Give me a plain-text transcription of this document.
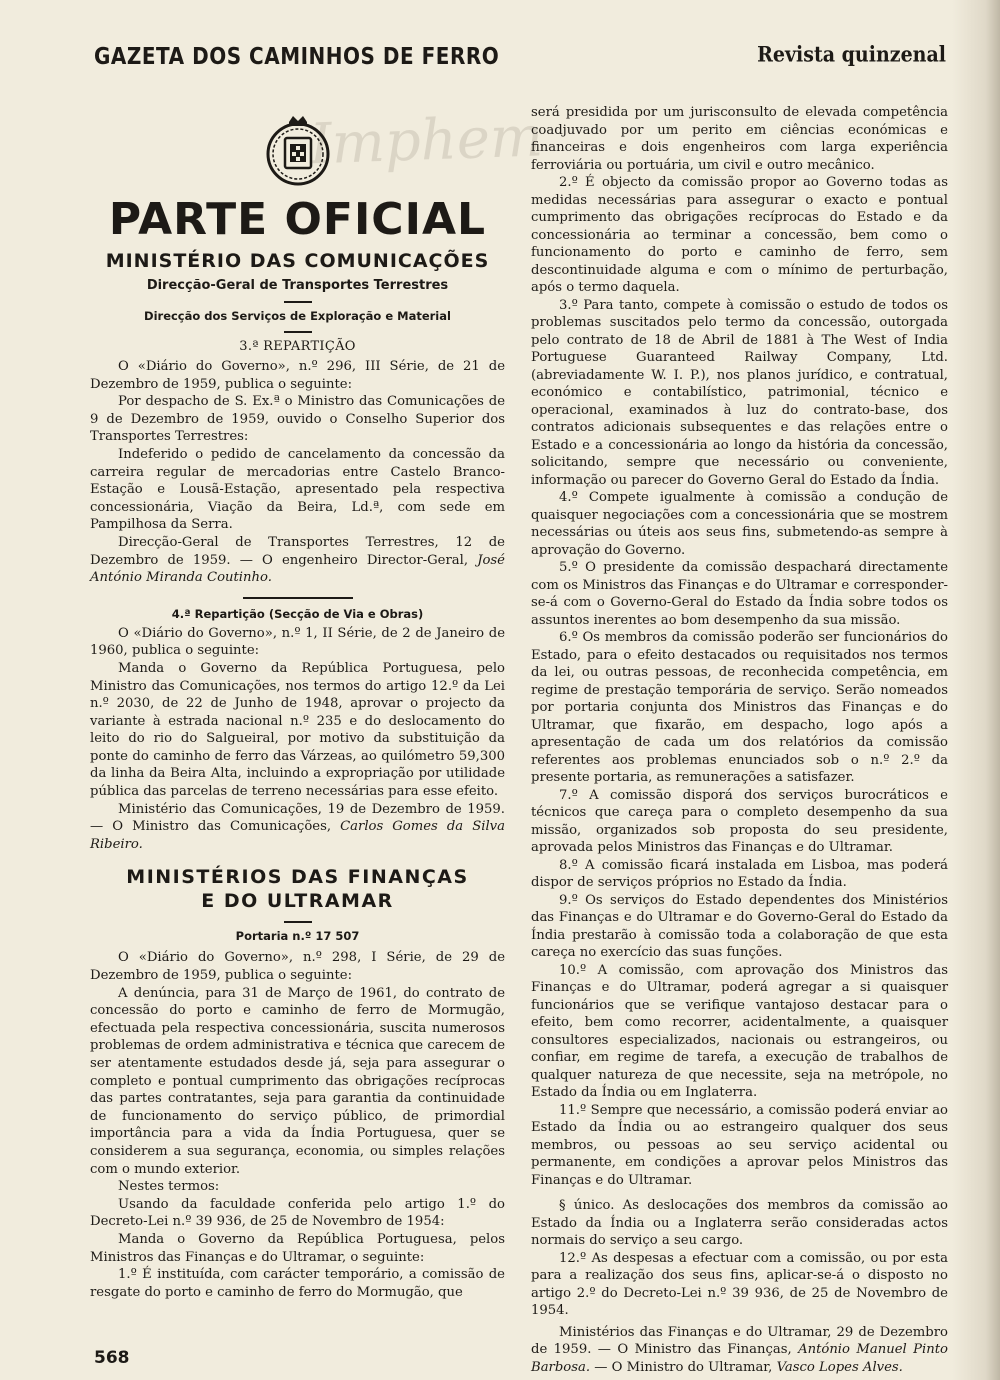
Imphem
GAZETA DOS CAMINHOS DE FERRO	Revista quinzenal
PARTE OFICIAL
MINISTÉRIO DAS COMUNICAÇÕES
Direcção-Geral de Transportes Terrestres
Direcção dos Serviços de Exploração e Material
3.ª REPARTIÇÃO

O «Diário do Governo», n.º 296, III Série, de 21 de Dezembro de 1959, publica o seguinte:

Por despacho de S. Ex.ª o Ministro das Comunicações de 9 de Dezembro de 1959, ouvido o Conselho Superior dos Transportes Terrestres:

Indeferido o pedido de cancelamento da concessão da carreira regular de mercadorias entre Castelo Branco-Estação e Lousã-Estação, apresentado pela respectiva concessionária, Viação da Beira, Ld.ª, com sede em Pampilhosa da Serra.

Direcção-Geral de Transportes Terrestres, 12 de Dezembro de 1959. — O engenheiro Director-Geral, José António Miranda Coutinho.

4.ª Repartição (Secção de Via e Obras)

O «Diário do Governo», n.º 1, II Série, de 2 de Janeiro de 1960, publica o seguinte:

Manda o Governo da República Portuguesa, pelo Ministro das Comunicações, nos termos do artigo 12.º da Lei n.º 2030, de 22 de Junho de 1948, aprovar o projecto da variante à estrada nacional n.º 235 e do deslocamento do leito do rio do Salgueiral, por motivo da substituição da ponte do caminho de ferro das Várzeas, ao quilómetro 59,300 da linha da Beira Alta, incluindo a expropriação por utilidade pública das parcelas de terreno necessárias para esse efeito.

Ministério das Comunicações, 19 de Dezembro de 1959. — O Ministro das Comunicações, Carlos Gomes da Silva Ribeiro.

MINISTÉRIOS DAS FINANÇAS
E DO ULTRAMAR
Portaria n.º 17 507

O «Diário do Governo», n.º 298, I Série, de 29 de Dezembro de 1959, publica o seguinte:

A denúncia, para 31 de Março de 1961, do contrato de concessão do porto e caminho de ferro de Mormugão, efectuada pela respectiva concessionária, suscita numerosos problemas de ordem administrativa e técnica que carecem de ser atentamente estudados desde já, seja para assegurar o completo e pontual cumprimento das obrigações recíprocas das partes contratantes, seja para garantia da continuidade de funcionamento do serviço público, de primordial importância para a vida da Índia Portuguesa, quer se considerem a sua segurança, economia, ou simples relações com o mundo exterior.

Nestes termos:

Usando da faculdade conferida pelo artigo 1.º do Decreto-Lei n.º 39 936, de 25 de Novembro de 1954:

Manda o Governo da República Portuguesa, pelos Ministros das Finanças e do Ultramar, o seguinte:

1.º É instituída, com carácter temporário, a comissão de resgate do porto e caminho de ferro do Mormugão, que

será presidida por um jurisconsulto de elevada competência coadjuvado por um perito em ciências económicas e financeiras e dois engenheiros com larga experiência ferroviária ou portuária, um civil e outro mecânico.

2.º É objecto da comissão propor ao Governo todas as medidas necessárias para assegurar o exacto e pontual cumprimento das obrigações recíprocas do Estado e da concessionária ao terminar a concessão, bem como o funcionamento do porto e caminho de ferro, sem descontinuidade alguma e com o mínimo de perturbação, após o termo daquela.

3.º Para tanto, compete à comissão o estudo de todos os problemas suscitados pelo termo da concessão, outorgada pelo contrato de 18 de Abril de 1881 à The West of India Portuguese Guaranteed Railway Company, Ltd. (abreviadamente W. I. P.), nos planos jurídico, e contratual, económico e contabilístico, patrimonial, técnico e operacional, examinados à luz do contrato-base, dos contratos adicionais subsequentes e das relações entre o Estado e a concessionária ao longo da história da concessão, solicitando, sempre que necessário ou conveniente, informação ou parecer do Governo Geral do Estado da Índia.

4.º Compete igualmente à comissão a condução de quaisquer negociações com a concessionária que se mostrem necessárias ou úteis aos seus fins, submetendo-as sempre à aprovação do Governo.

5.º O presidente da comissão despachará directamente com os Ministros das Finanças e do Ultramar e corresponder-se-á com o Governo-Geral do Estado da Índia sobre todos os assuntos inerentes ao bom desempenho da sua missão.

6.º Os membros da comissão poderão ser funcionários do Estado, para o efeito destacados ou requisitados nos termos da lei, ou outras pessoas, de reconhecida competência, em regime de prestação temporária de serviço. Serão nomeados por portaria conjunta dos Ministros das Finanças e do Ultramar, que fixarão, em despacho, logo após a apresentação de cada um dos relatórios da comissão referentes aos problemas enunciados sob o n.º 2.º da presente portaria, as remunerações a satisfazer.

7.º A comissão disporá dos serviços burocráticos e técnicos que careça para o completo desempenho da sua missão, organizados sob proposta do seu presidente, aprovada pelos Ministros das Finanças e do Ultramar.

8.º A comissão ficará instalada em Lisboa, mas poderá dispor de serviços próprios no Estado da Índia.

9.º Os serviços do Estado dependentes dos Ministérios das Finanças e do Ultramar e do Governo-Geral do Estado da Índia prestarão à comissão toda a colaboração de que esta careça no exercício das suas funções.

10.º A comissão, com aprovação dos Ministros das Finanças e do Ultramar, poderá agregar a si quaisquer funcionários que se verifique vantajoso destacar para o efeito, bem como recorrer, acidentalmente, a quaisquer consultores especializados, nacionais ou estrangeiros, ou confiar, em regime de tarefa, a execução de trabalhos de qualquer natureza de que necessite, seja na metrópole, no Estado da Índia ou em Inglaterra.

11.º Sempre que necessário, a comissão poderá enviar ao Estado da Índia ou ao estrangeiro qualquer dos seus membros, ou pessoas ao seu serviço acidental ou permanente, em condições a aprovar pelos Ministros das Finanças e do Ultramar.

§ único. As deslocações dos membros da comissão ao Estado da Índia ou a Inglaterra serão consideradas actos normais do serviço a seu cargo.

12.º As despesas a efectuar com a comissão, ou por esta para a realização dos seus fins, aplicar-se-á o disposto no artigo 2.º do Decreto-Lei n.º 39 936, de 25 de Novembro de 1954.

Ministérios das Finanças e do Ultramar, 29 de Dezembro de 1959. — O Ministro das Finanças, António Manuel Pinto Barbosa. — O Ministro do Ultramar, Vasco Lopes Alves.

568
